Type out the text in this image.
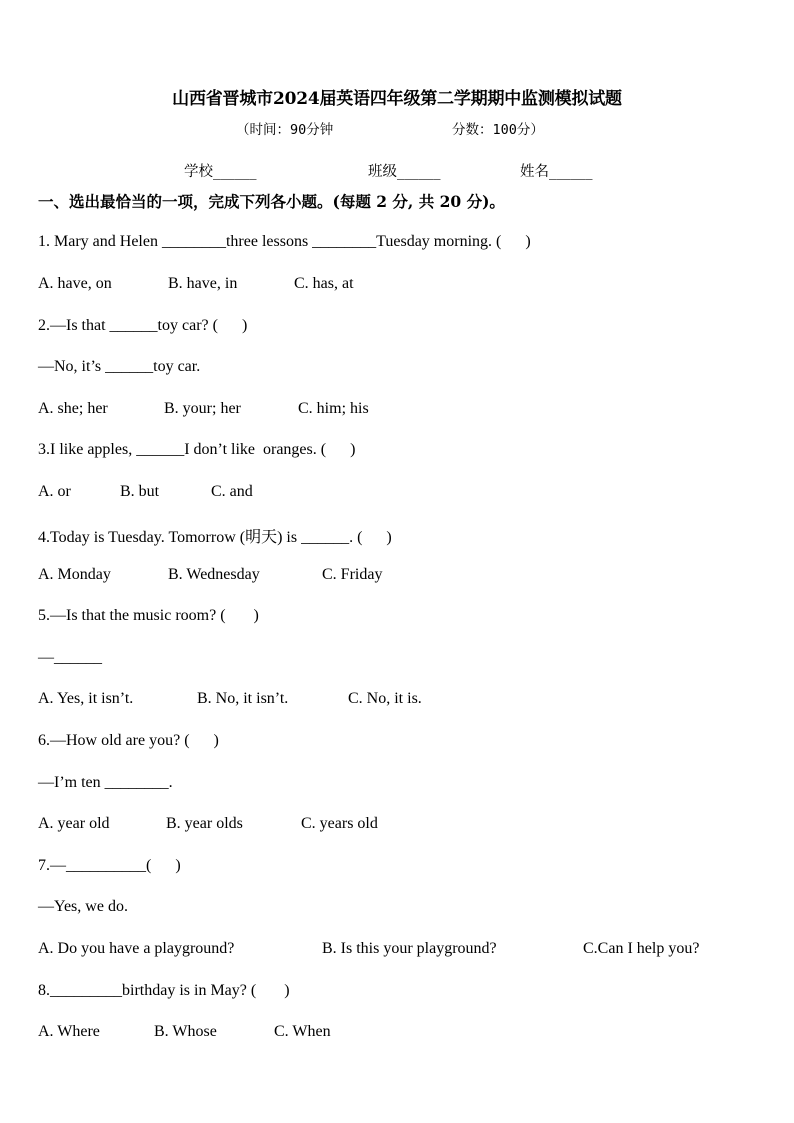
山西省晋城市2024届英语四年级第二学期期中监测模拟试题
（时间：90分钟	分数：100分）
学校______	班级______	姓名______
一、选出最恰当的一项，完成下列各小题。(每题 2 分, 共 20 分)。
1. Mary and Helen ________three lessons ________Tuesday morning. (      )
A. have, on	B. have, in	C. has, at
2.—Is that ______toy car? (      )
—No, it’s ______toy car.
A. she; her	B. your; her	C. him; his
3.I like apples, ______I don’t like  oranges. (      )
A. or	B. but	C. and
4.Today is Tuesday. Tomorrow (明天) is ______. (      )
A. Monday	B. Wednesday	C. Friday
5.—Is that the music room? (       )
—______
A. Yes, it isn’t.	B. No, it isn’t.	C. No, it is.
6.—How old are you? (      )
—I’m ten ________.
A. year old	B. year olds	C. years old
7.—__________(      )
—Yes, we do.
A. Do you have a playground?	B. Is this your playground?	C.Can I help you?
8._________birthday is in May? (       )
A. Where	B. Whose	C. When
